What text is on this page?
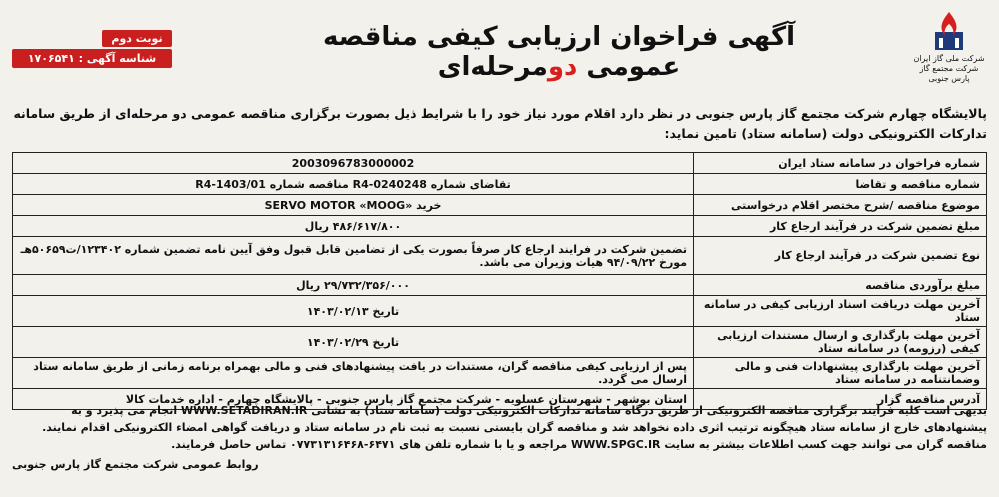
شرکت ملی گاز ایران
شرکت مجتمع گاز پارس جنوبی
آگهی فراخوان ارزیابی کیفی مناقصه عمومی دومرحله‌ای
نوبت دوم
شناسه آگهی : ۱۷۰۶۵۴۱
پالایشگاه چهارم شرکت مجتمع گاز پارس جنوبی در نظر دارد اقلام مورد نیاز خود را با شرایط ذیل بصورت برگزاری مناقصه عمومی دو مرحله‌ای از طریق سامانه تدارکات الکترونیکی دولت (سامانه ستاد) تامین نماید:
شماره فراخوان در سامانه ستاد ایران	2003096783000002
شماره مناقصه و تقاضا	تقاضای شماره 0240248-R4 مناقصه شماره R4-1403/01
موضوع مناقصه /شرح مختصر اقلام درخواستی	خرید «SERVO MOTOR «MOOG
مبلغ تضمین شرکت در فرآیند ارجاع کار	۴۸۶/۶۱۷/۸۰۰ ریال
نوع تضمین شرکت در فرآیند ارجاع کار	تضمین شرکت در فرایند ارجاع کار صرفاً بصورت یکی از تضامین قابل قبول وفق آیین نامه تضمین شماره ۱۲۳۴۰۲/ت۵۰۶۵۹هـ مورخ ۹۴/۰۹/۲۲ هیات وزیران می باشد.
مبلغ برآوردی مناقصه	۲۹/۷۳۲/۳۵۶/۰۰۰ ریال
آخرین مهلت دریافت اسناد ارزیابی کیفی در سامانه ستاد	تاریخ ۱۴۰۳/۰۲/۱۳
آخرین مهلت بارگذاری و ارسال مستندات ارزیابی کیفی (رزومه) در سامانه ستاد	تاریخ ۱۴۰۳/۰۲/۲۹
آخرین مهلت بارگذاری پیشنهادات فنی و مالی وضمانتنامه در سامانه ستاد	پس از ارزیابی کیفی مناقصه گران، مستندات در یافت پیشنهادهای فنی و مالی بهمراه برنامه زمانی از طریق سامانه ستاد ارسال می گردد.
آدرس مناقصه گزار	استان بوشهر - شهرستان عسلویه - شرکت مجتمع گاز پارس جنوبی - پالایشگاه چهارم - اداره خدمات کالا
بدیهی است کلیه فرآیند برگزاری مناقصه الکترونیکی از طریق درگاه سامانه تدارکات الکترونیکی دولت (سامانه ستاد) به نشانی WWW.SETADIRAN.IR انجام می پذیرد و به پیشنهادهای خارج از سامانه ستاد هیچگونه ترتیب اثری داده نخواهد شد و مناقصه گران بایستی نسبت به ثبت نام در سامانه ستاد و دریافت گواهی امضاء الکترونیکی اقدام نمایند. مناقصه گران می توانند جهت کسب اطلاعات بیشتر به سایت WWW.SPGC.IR مراجعه و یا با شماره تلفن های ۶۴۷۱-۰۷۷۳۱۳۱۶۴۶۸ تماس حاصل فرمایند.
روابط عمومی شرکت مجتمع گاز پارس جنوبی
